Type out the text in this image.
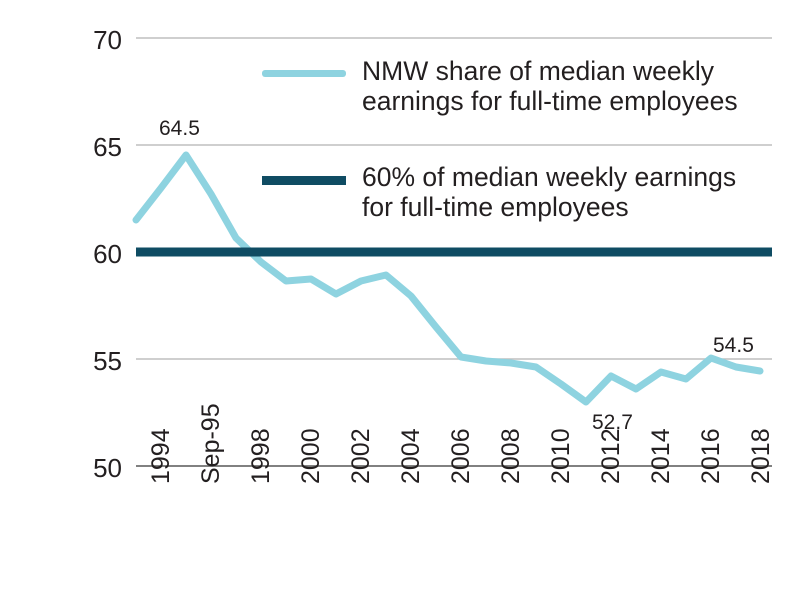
70
65
60
55
50
64.5
52.7
54.5
NMW share of median weekly
earnings for full-time employees
60% of median weekly earnings
for full-time employees
1994 Sep-95 1998 2000 2002 2004 2006 2008 2010 2012 2014 2016 2018
